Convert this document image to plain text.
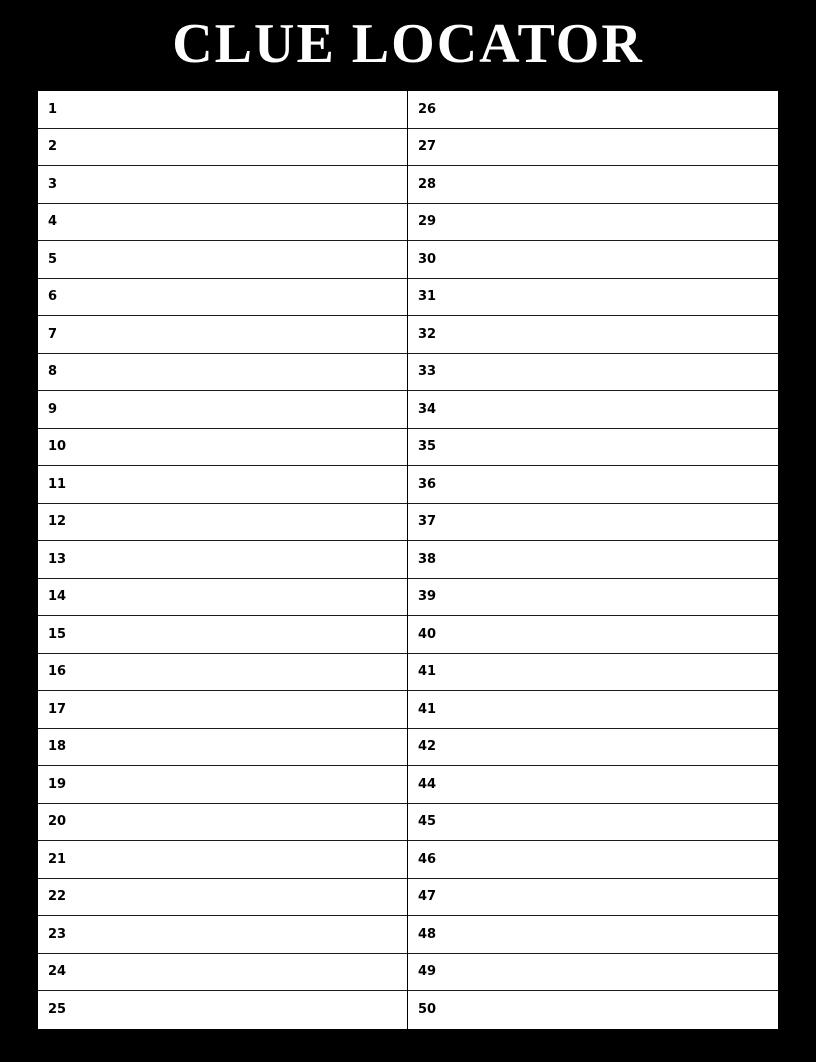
CLUE LOCATOR
1
2
3
4
5
6
7
8
9
10
11
12
13
14
15
16
17
18
19
20
21
22
23
24
25
26
27
28
29
30
31
32
33
34
35
36
37
38
39
40
41
41
42
44
45
46
47
48
49
50
